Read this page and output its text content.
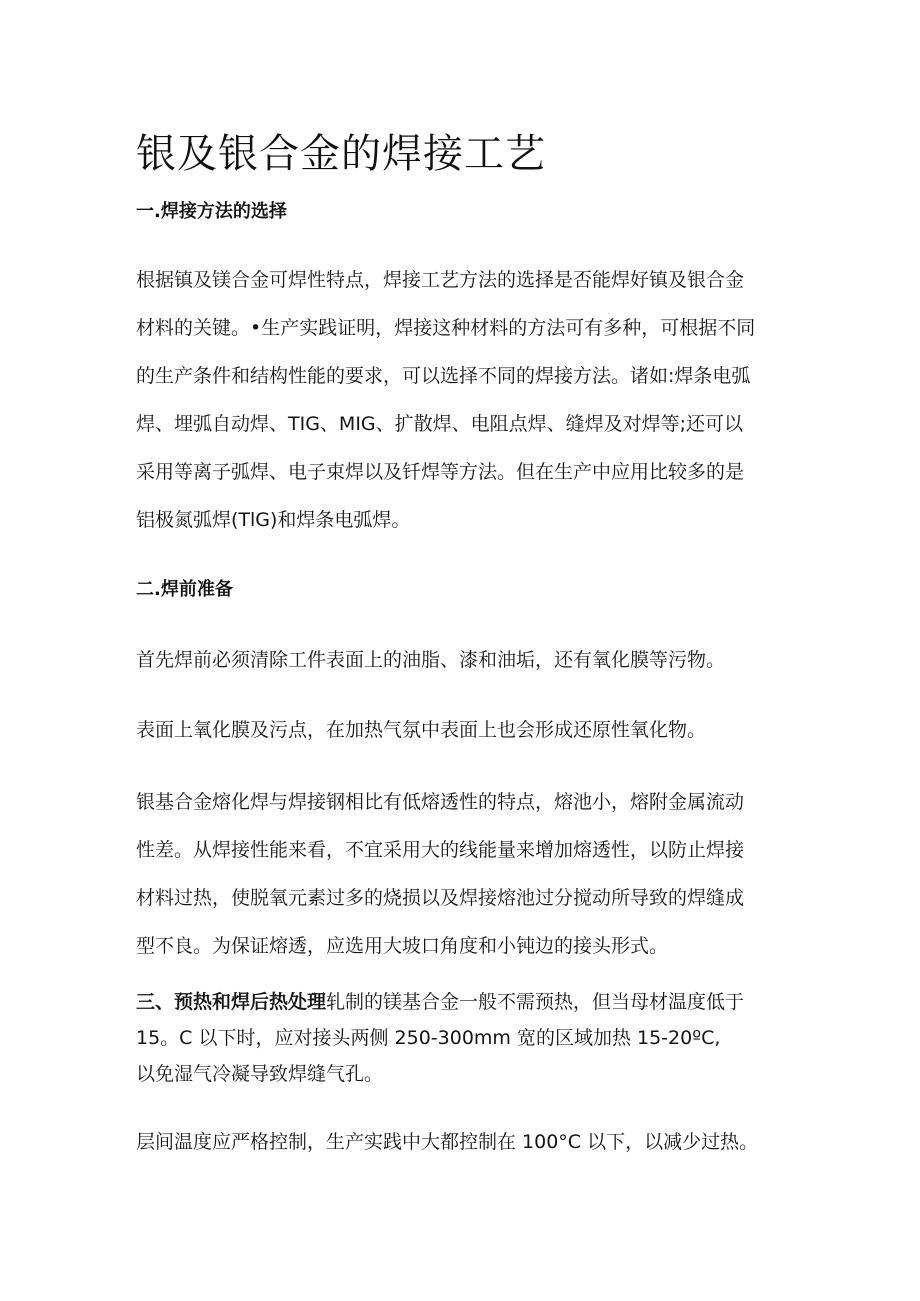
银及银合金的焊接工艺
一.焊接方法的选择
根据镇及镁合金可焊性特点，焊接工艺方法的选择是否能焊好镇及银合金
材料的关键。•生产实践证明，焊接这种材料的方法可有多种，可根据不同
的生产条件和结构性能的要求，可以选择不同的焊接方法。诸如:焊条电弧
焊、埋弧自动焊、TIG、MIG、扩散焊、电阻点焊、缝焊及对焊等;还可以
采用等离子弧焊、电子束焊以及钎焊等方法。但在生产中应用比较多的是
铝极氮弧焊(TlG)和焊条电弧焊。
二.焊前准备
首先焊前必须清除工件表面上的油脂、漆和油垢，还有氧化膜等污物。
表面上氧化膜及污点，在加热气氛中表面上也会形成还原性氧化物。
银基合金熔化焊与焊接钢相比有低熔透性的特点，熔池小，熔附金属流动
性差。从焊接性能来看，不宜采用大的线能量来增加熔透性，以防止焊接
材料过热，使脱氧元素过多的烧损以及焊接熔池过分搅动所导致的焊缝成
型不良。为保证熔透，应选用大坡口角度和小钝边的接头形式。
三、预热和焊后热处理轧制的镁基合金一般不需预热，但当母材温度低于
15。C 以下时，应对接头两侧 250-300mm 宽的区域加热 15-20ºC,
以免湿气冷凝导致焊缝气孔。
层间温度应严格控制，生产实践中大都控制在 100°C 以下，以减少过热。
